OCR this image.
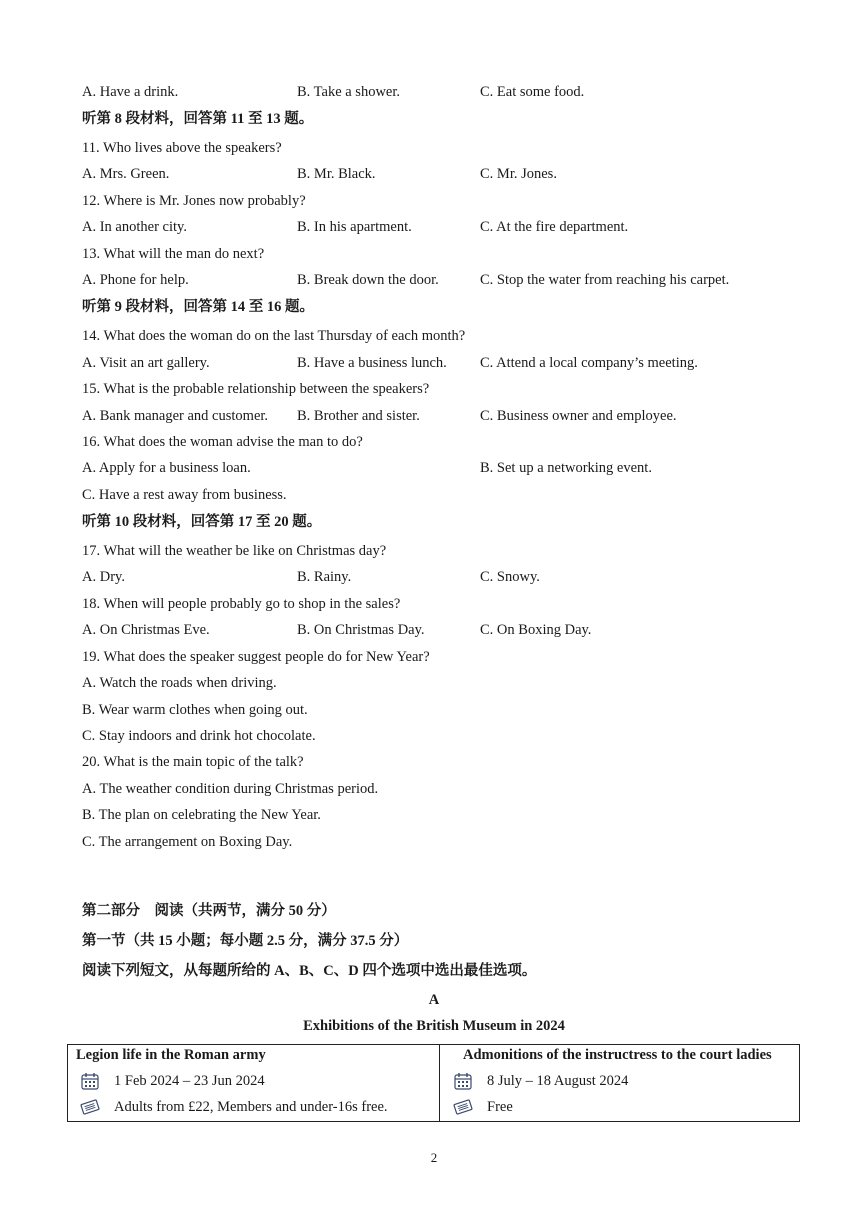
A. Have a drink.	B. Take a shower.	C. Eat some food.
听第 8 段材料，回答第 11 至 13 题。
11. Who lives above the speakers?
A. Mrs. Green.	B. Mr. Black.	C. Mr. Jones.
12. Where is Mr. Jones now probably?
A. In another city.	B. In his apartment.	C. At the fire department.
13. What will the man do next?
A. Phone for help.	B. Break down the door.	C. Stop the water from reaching his carpet.
听第 9 段材料，回答第 14 至 16 题。
14. What does the woman do on the last Thursday of each month?
A. Visit an art gallery.	B. Have a business lunch. C. Attend a local company’s meeting.
15. What is the probable relationship between the speakers?
A. Bank manager and customer. B. Brother and sister.	C. Business owner and employee.
16. What does the woman advise the man to do?
A. Apply for a business loan.	B. Set up a networking event.
C. Have a rest away from business.
听第 10 段材料，回答第 17 至 20 题。
17. What will the weather be like on Christmas day?
A. Dry.	B. Rainy.	C. Snowy.
18. When will people probably go to shop in the sales?
A. On Christmas Eve.	B. On Christmas Day.	C. On Boxing Day.
19. What does the speaker suggest people do for New Year?
A. Watch the roads when driving.
B. Wear warm clothes when going out.
C. Stay indoors and drink hot chocolate.
20. What is the main topic of the talk?
A. The weather condition during Christmas period.
B. The plan on celebrating the New Year.
C. The arrangement on Boxing Day.
第二部分　阅读（共两节，满分 50 分）
第一节（共 15 小题；每小题 2.5 分，满分 37.5 分）
阅读下列短文，从每题所给的 A、B、C、D 四个选项中选出最佳选项。
A
Exhibitions of the British Museum in 2024
Legion life in the Roman army
1 Feb 2024 – 23 Jun 2024
Adults from £22, Members and under-16s free.
Admonitions of the instructress to the court ladies
8 July – 18 August 2024
Free
2
